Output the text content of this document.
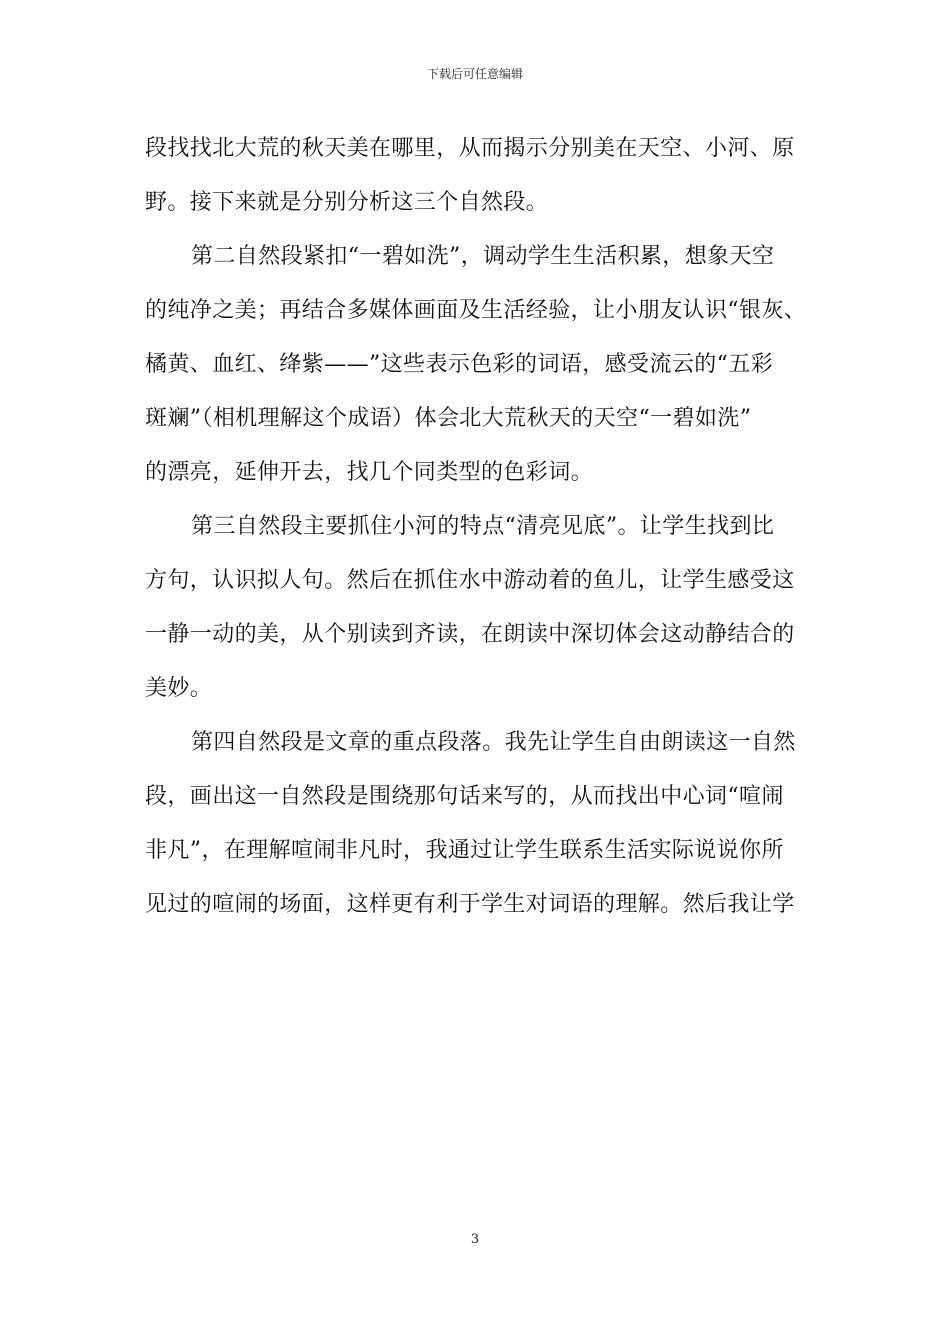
下载后可任意编辑
段找找北大荒的秋天美在哪里，从而揭示分别美在天空、小河、原
野。接下来就是分别分析这三个自然段。
第二自然段紧扣“一碧如洗”，调动学生生活积累，想象天空
的纯净之美；再结合多媒体画面及生活经验，让小朋友认识“银灰、
橘黄、血红、绛紫——”这些表示色彩的词语，感受流云的“五彩
斑斓”（相机理解这个成语）体会北大荒秋天的天空“一碧如洗”
的漂亮，延伸开去，找几个同类型的色彩词。
第三自然段主要抓住小河的特点“清亮见底”。让学生找到比
方句，认识拟人句。然后在抓住水中游动着的鱼儿，让学生感受这
一静一动的美，从个别读到齐读，在朗读中深切体会这动静结合的
美妙。
第四自然段是文章的重点段落。我先让学生自由朗读这一自然
段，画出这一自然段是围绕那句话来写的，从而找出中心词“喧闹
非凡”，在理解喧闹非凡时，我通过让学生联系生活实际说说你所
见过的喧闹的场面，这样更有利于学生对词语的理解。然后我让学
3
